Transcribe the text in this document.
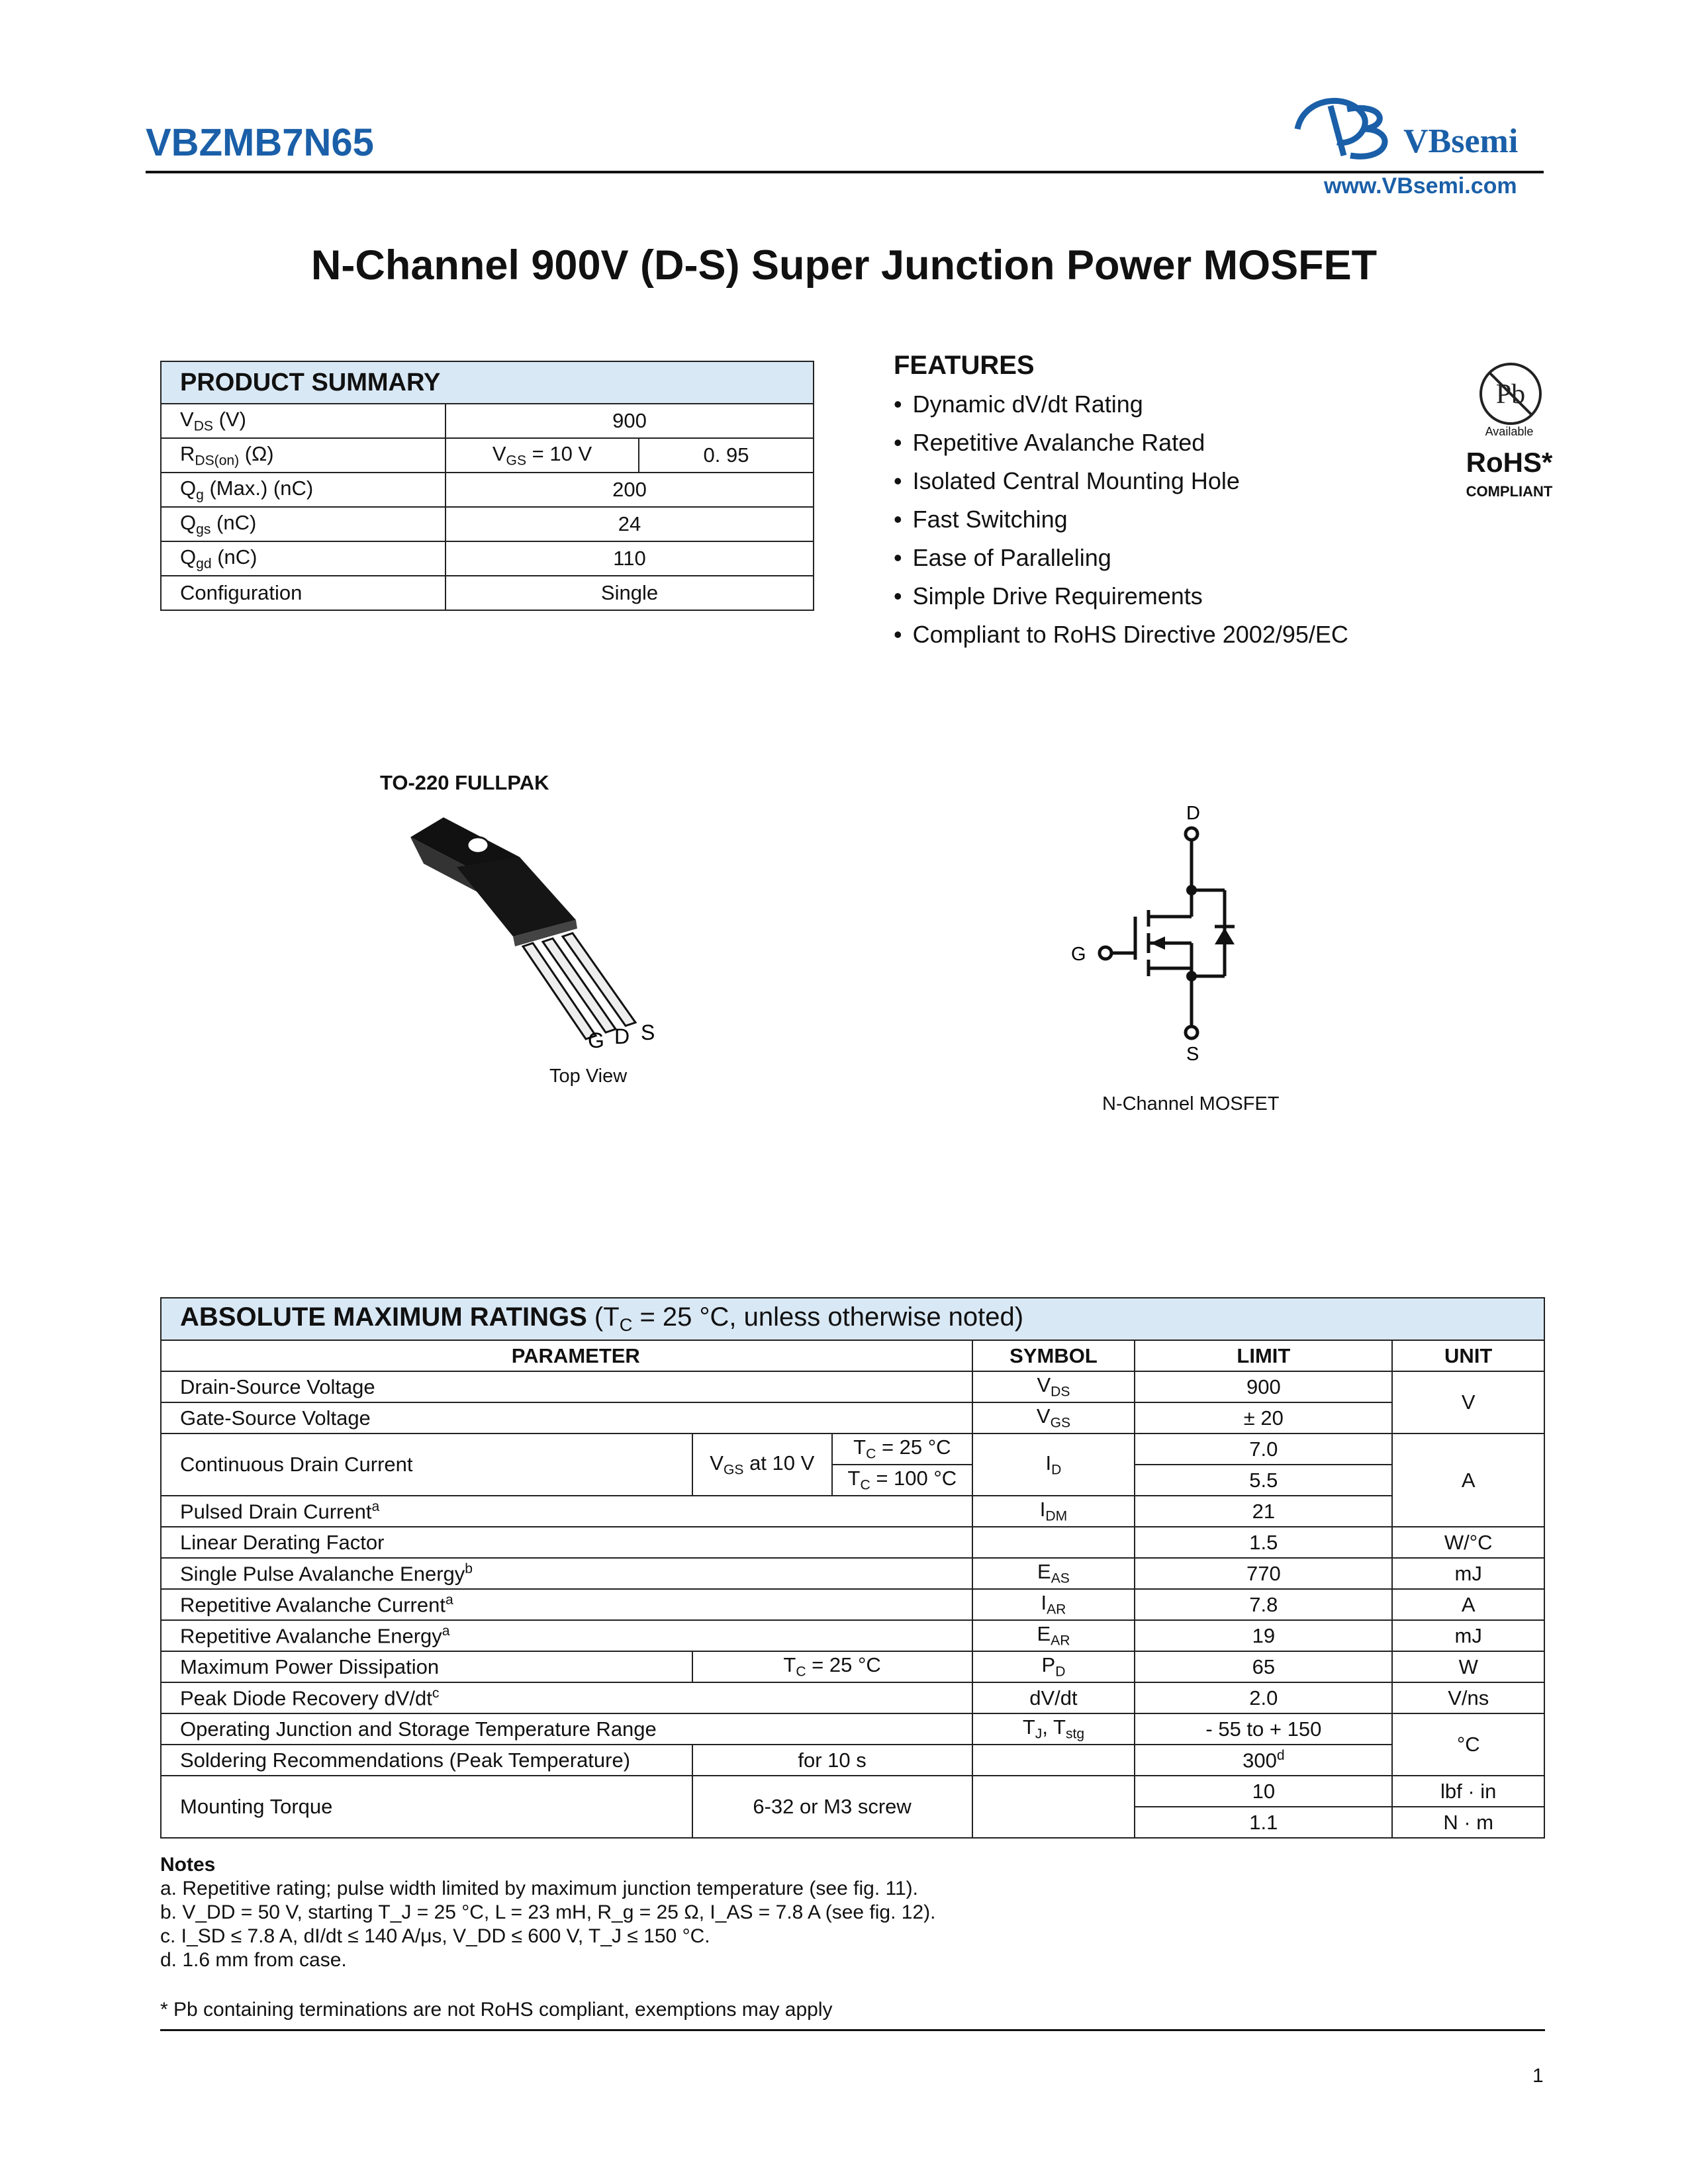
VBZMB7N65	VBsemi
www.VBsemi.com
N-Channel 900V (D-S) Super Junction Power MOSFET
PRODUCT SUMMARY		
$V_{DS}$ (V)	900	
$R_{DS(on)}$ (Ω)	$V_{GS} = 10$ V	0. 95
$Q_g$ (Max.) (nC)	200	
$Q_{gs}$ (nC)	24	
$Q_{gd}$ (nC)	110	
Configuration	Single	
FEATURES
• Dynamic dV/dt Rating
• Repetitive Avalanche Rated
• Isolated Central Mounting Hole
• Fast Switching
• Ease of Paralleling
• Simple Drive Requirements
• Compliant to RoHS Directive 2002/95/EC
Pb
Available
RoHS*
COMPLIANT
TO-220 FULLPAK
G D S
Top View
D
G
S
N-Channel MOSFET
ABSOLUTE MAXIMUM RATINGS ($T_C = 25$ °C, unless otherwise noted)					
PARAMETER			SYMBOL	LIMIT	UNIT
Drain-Source Voltage			$V_{DS}$	900	V
Gate-Source Voltage			$V_{GS}$	± 20	
Continuous Drain Current	$V_{GS}$ at 10 V	$T_C = 25$ °C	$I_D$	7.0	A
		$T_C = 100$ °C		5.5	
Pulsed Drain Current$^a$			$I_{DM}$	21	
Linear Derating Factor				1.5	W/°C
Single Pulse Avalanche Energy$^b$			$E_{AS}$	770	mJ
Repetitive Avalanche Current$^a$			$I_{AR}$	7.8	A
Repetitive Avalanche Energy$^a$			$E_{AR}$	19	mJ
Maximum Power Dissipation	$T_C = 25$ °C		$P_D$	65	W
Peak Diode Recovery $dV/dt^c$			dV/dt	2.0	V/ns
Operating Junction and Storage Temperature Range			$T_J$, $T_{stg}$	- 55 to + 150	°C
Soldering Recommendations (Peak Temperature)	for 10 s			300$^d$
Mounting Torque	6-32 or M3 screw			10	lbf · in
				1.1	N · m
Notes
a. Repetitive rating; pulse width limited by maximum junction temperature (see fig. 11).
b. V_DD = 50 V, starting T_J = 25 °C, L = 23 mH, R_g = 25 Ω, I_AS = 7.8 A (see fig. 12).
c. I_SD ≤ 7.8 A, dI/dt ≤ 140 A/μs, V_DD ≤ 600 V, T_J ≤ 150 °C.
d. 1.6 mm from case.
* Pb containing terminations are not RoHS compliant, exemptions may apply
1
